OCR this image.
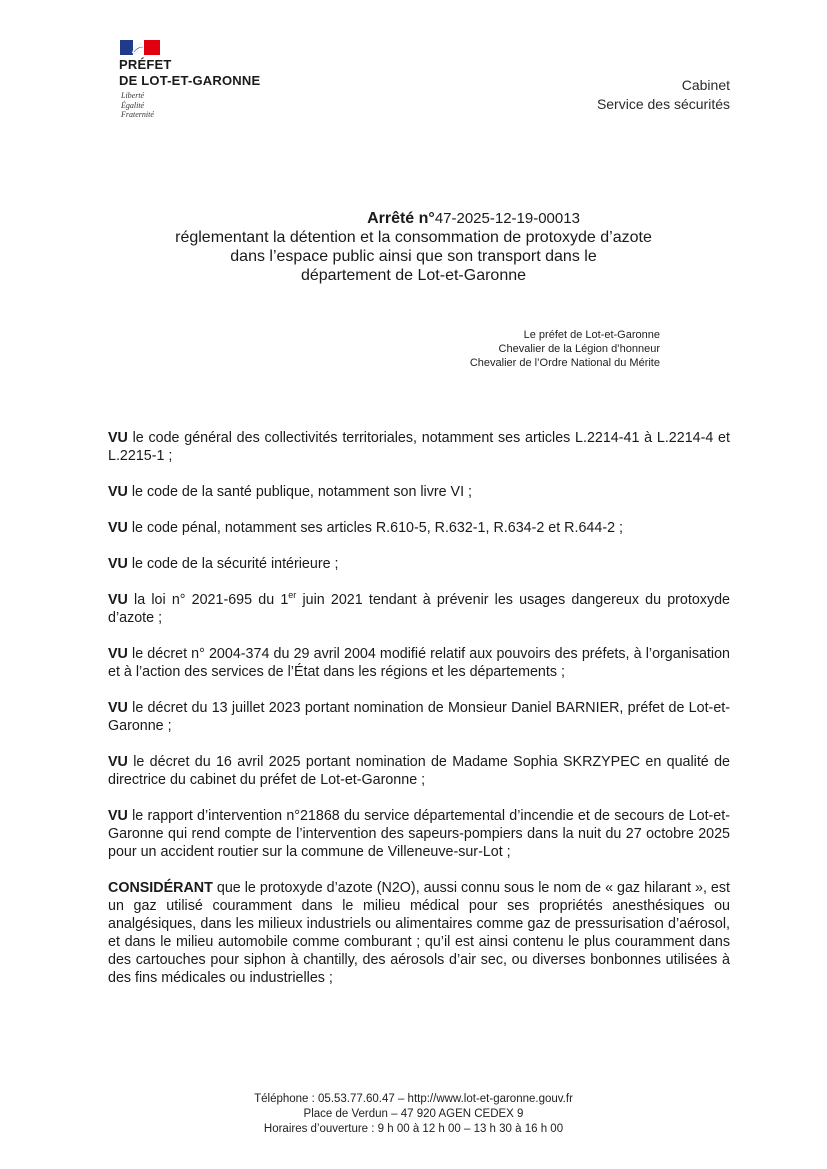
PRÉFET
DE LOT-ET-GARONNE
Liberté
Égalité
Fraternité
Cabinet
Service des sécurités
Arrêté n°47-2025-12-19-00013
réglementant la détention et la consommation de protoxyde d’azote
dans l’espace public ainsi que son transport dans le
département de Lot-et-Garonne
Le préfet de Lot-et-Garonne
Chevalier de la Légion d’honneur
Chevalier de l’Ordre National du Mérite

VU le code général des collectivités territoriales, notamment ses articles L.2214-41 à L.2214-4 et L.2215-1 ;

VU le code de la santé publique, notamment son livre VI ;

VU le code pénal, notamment ses articles R.610-5, R.632-1, R.634-2 et R.644-2 ;

VU le code de la sécurité intérieure ;

VU la loi n° 2021-695 du 1er juin 2021 tendant à prévenir les usages dangereux du protoxyde d’azote ;

VU le décret n° 2004-374 du 29 avril 2004 modifié relatif aux pouvoirs des préfets, à l’organisation et à l’action des services de l’État dans les régions et les départements ;

VU le décret du 13 juillet 2023 portant nomination de Monsieur Daniel BARNIER, préfet de Lot-et-Garonne ;

VU le décret du 16 avril 2025 portant nomination de Madame Sophia SKRZYPEC en qualité de directrice du cabinet du préfet de Lot-et-Garonne ;

VU le rapport d’intervention n°21868 du service départemental d’incendie et de secours de Lot-et-Garonne qui rend compte de l’intervention des sapeurs-pompiers dans la nuit du 27 octobre 2025 pour un accident routier sur la commune de Villeneuve-sur-Lot ;

CONSIDÉRANT que le protoxyde d’azote (N2O), aussi connu sous le nom de « gaz hilarant », est un gaz utilisé couramment dans le milieu médical pour ses propriétés anesthésiques ou analgésiques, dans les milieux industriels ou alimentaires comme gaz de pressurisation d’aérosol, et dans le milieu automobile comme comburant ; qu’il est ainsi contenu le plus couramment dans des cartouches pour siphon à chantilly, des aérosols d’air sec, ou diverses bonbonnes utilisées à des fins médicales ou industrielles ;

Téléphone : 05.53.77.60.47 – http://www.lot-et-garonne.gouv.fr
Place de Verdun – 47 920 AGEN CEDEX 9
Horaires d’ouverture : 9 h 00 à 12 h 00 – 13 h 30 à 16 h 00
